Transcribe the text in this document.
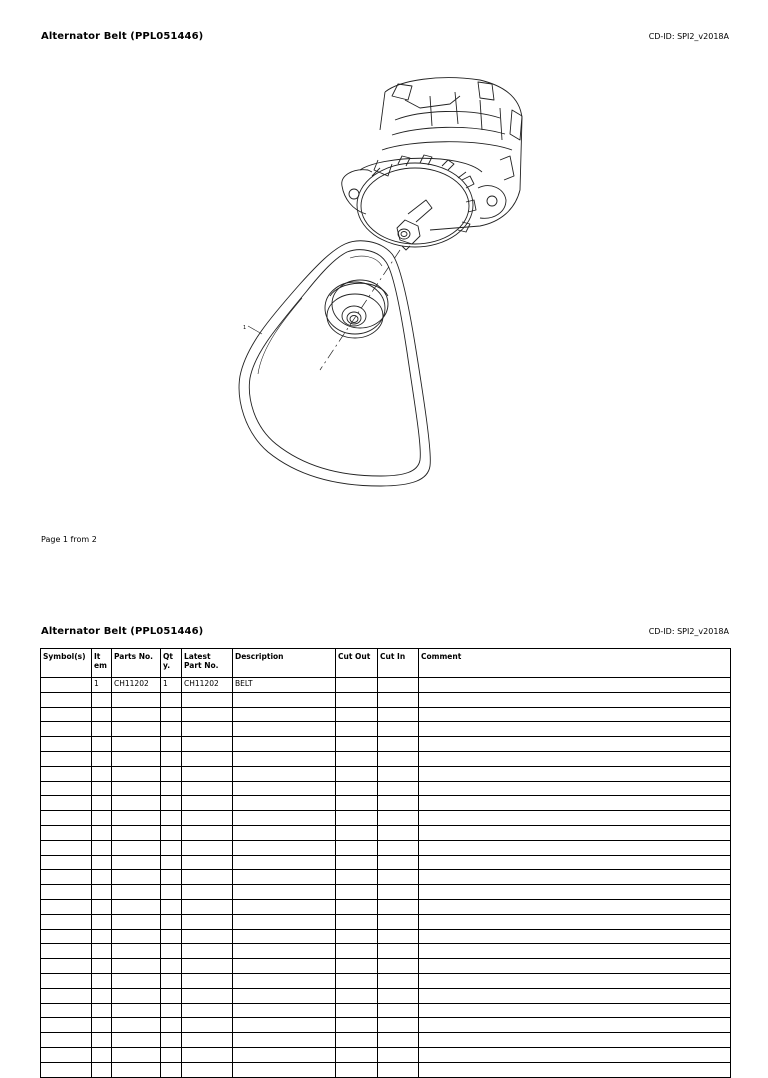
Alternator Belt (PPL051446)	CD-ID: SPI2_v2018A
1
Page 1 from 2
Alternator Belt (PPL051446)	CD-ID: SPI2_v2018A
Symbol(s)	It em	Parts No.	Qt y.	Latest Part No.	Description	Cut Out	Cut In	Comment
	1	CH11202	1	CH11202	BELT			
